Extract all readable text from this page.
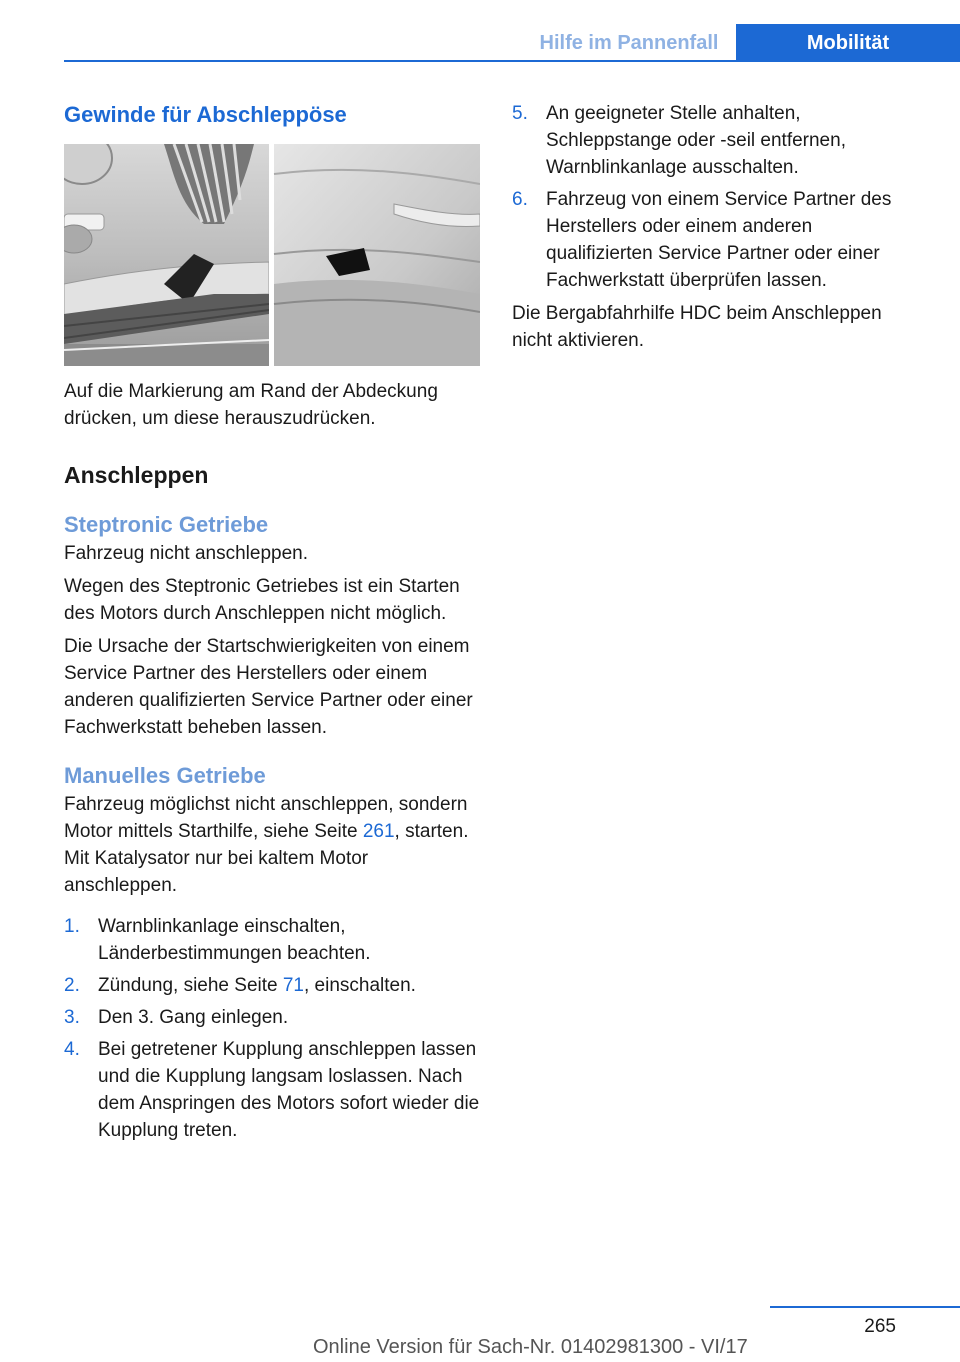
Hilfe im Pannenfall	Mobilität
Gewinde für Abschleppöse

Auf die Markierung am Rand der Abdeckung drücken, um diese herauszudrücken.

Anschleppen
Steptronic Getriebe

Fahrzeug nicht anschleppen.

Wegen des Steptronic Getriebes ist ein Starten des Motors durch Anschleppen nicht möglich.

Die Ursache der Startschwierigkeiten von einem Service Partner des Herstellers oder einem anderen qualifizierten Service Partner oder einer Fachwerkstatt beheben lassen.

Manuelles Getriebe

Fahrzeug möglichst nicht anschleppen, sondern Motor mittels Starthilfe, siehe Seite 261, starten. Mit Katalysator nur bei kaltem Motor anschleppen.

1. Warnblinkanlage einschalten, Länderbestimmungen beachten.
2. Zündung, siehe Seite 71, einschalten.
3. Den 3. Gang einlegen.
4. Bei getretener Kupplung anschleppen lassen und die Kupplung langsam loslassen. Nach dem Anspringen des Motors sofort wieder die Kupplung treten.
5. An geeigneter Stelle anhalten, Schleppstange oder -seil entfernen, Warnblinkanlage ausschalten.
6. Fahrzeug von einem Service Partner des Herstellers oder einem anderen qualifizierten Service Partner oder einer Fachwerkstatt überprüfen lassen.

Die Bergabfahrhilfe HDC beim Anschleppen nicht aktivieren.

265
Online Version für Sach-Nr. 01402981300 - VI/17
